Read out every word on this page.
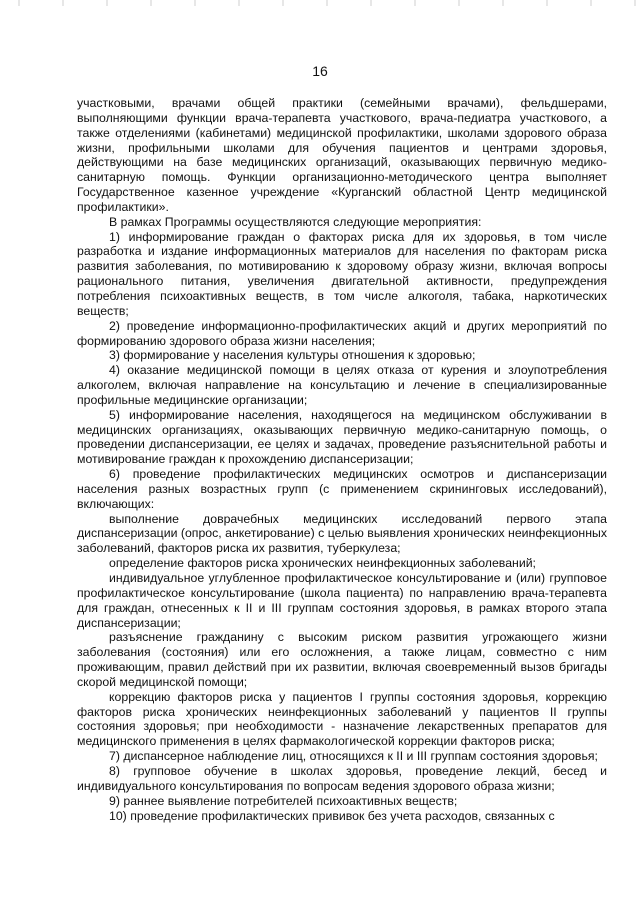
16

участковыми, врачами общей практики (семейными врачами), фельдшерами, выполняющими функции врача-терапевта участкового, врача-педиатра участкового, а также отделениями (кабинетами) медицинской профилактики, школами здорового образа жизни, профильными школами для обучения пациентов и центрами здоровья, действующими на базе медицинских организаций, оказывающих первичную медико-санитарную помощь. Функции организационно-методического центра выполняет Государственное казенное учреждение «Курганский областной Центр медицинской профилактики».

В рамках Программы осуществляются следующие мероприятия:

1) информирование граждан о факторах риска для их здоровья, в том числе разработка и издание информационных материалов для населения по факторам риска развития заболевания, по мотивированию к здоровому образу жизни, включая вопросы рационального питания, увеличения двигательной активности, предупреждения потребления психоактивных веществ, в том числе алкоголя, табака, наркотических веществ;

2) проведение информационно-профилактических акций и других мероприятий по формированию здорового образа жизни населения;

3) формирование у населения культуры отношения к здоровью;

4) оказание медицинской помощи в целях отказа от курения и злоупотребления алкоголем, включая направление на консультацию и лечение в специализированные профильные медицинские организации;

5) информирование населения, находящегося на медицинском обслуживании в медицинских организациях, оказывающих первичную медико-санитарную помощь, о проведении диспансеризации, ее целях и задачах, проведение разъяснительной работы и мотивирование граждан к прохождению диспансеризации;

6) проведение профилактических медицинских осмотров и диспансеризации населения разных возрастных групп (с применением скрининговых исследований), включающих:

выполнение доврачебных медицинских исследований первого этапа диспансеризации (опрос, анкетирование) с целью выявления хронических неинфекционных заболеваний, факторов риска их развития, туберкулеза;

определение факторов риска хронических неинфекционных заболеваний;

индивидуальное углубленное профилактическое консультирование и (или) групповое профилактическое консультирование (школа пациента) по направлению врача-терапевта для граждан, отнесенных к II и III группам состояния здоровья, в рамках второго этапа диспансеризации;

разъяснение гражданину с высоким риском развития угрожающего жизни заболевания (состояния) или его осложнения, а также лицам, совместно с ним проживающим, правил действий при их развитии, включая своевременный вызов бригады скорой медицинской помощи;

коррекцию факторов риска у пациентов I группы состояния здоровья, коррекцию факторов риска хронических неинфекционных заболеваний у пациентов II группы состояния здоровья; при необходимости - назначение лекарственных препаратов для медицинского применения в целях фармакологической коррекции факторов риска;

7) диспансерное наблюдение лиц, относящихся к II и III группам состояния здоровья;

8) групповое обучение в школах здоровья, проведение лекций, бесед и индивидуального консультирования по вопросам ведения здорового образа жизни;

9) раннее выявление потребителей психоактивных веществ;

10) проведение профилактических прививок без учета расходов, связанных с
